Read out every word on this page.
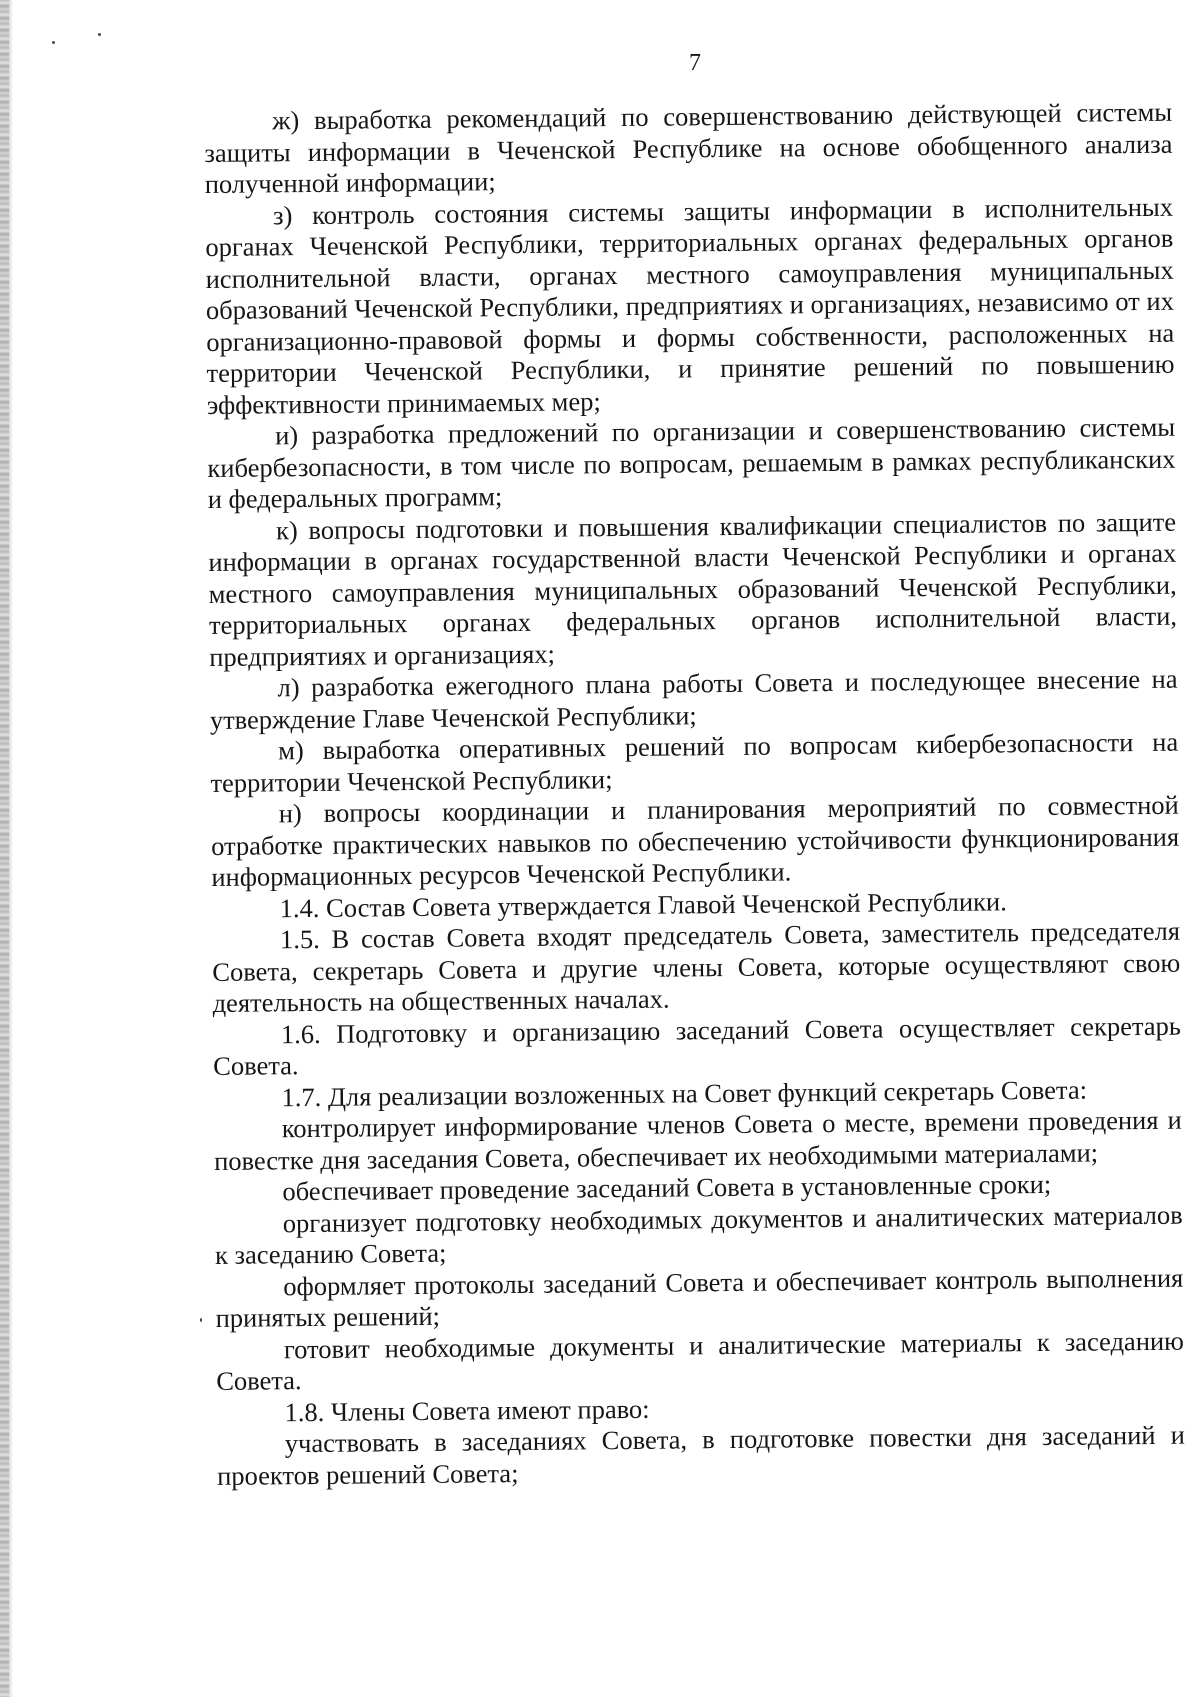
7

ж) выработка рекомендаций по совершенствованию действующей системы защиты информации в Чеченской Республике на основе обобщенного анализа полученной информации;

з) контроль состояния системы защиты информации в исполнительных органах Чеченской Республики, территориальных органах федеральных органов исполнительной власти, органах местного самоуправления муниципальных образований Чеченской Республики, предприятиях и организациях, независимо от их организационно-правовой формы и формы собственности, расположенных на территории Чеченской Республики, и принятие решений по повышению эффективности принимаемых мер;

и) разработка предложений по организации и совершенствованию системы кибербезопасности, в том числе по вопросам, решаемым в рамках республиканских и федеральных программ;

к) вопросы подготовки и повышения квалификации специалистов по защите информации в органах государственной власти Чеченской Республики и органах местного самоуправления муниципальных образований Чеченской Республики, территориальных органах федеральных органов исполнительной власти, предприятиях и организациях;

л) разработка ежегодного плана работы Совета и последующее внесение на утверждение Главе Чеченской Республики;

м) выработка оперативных решений по вопросам кибербезопасности на территории Чеченской Республики;

н) вопросы координации и планирования мероприятий по совместной отработке практических навыков по обеспечению устойчивости функционирования информационных ресурсов Чеченской Республики.

1.4. Состав Совета утверждается Главой Чеченской Республики.

1.5. В состав Совета входят председатель Совета, заместитель председателя Совета, секретарь Совета и другие члены Совета, которые осуществляют свою деятельность на общественных началах.

1.6. Подготовку и организацию заседаний Совета осуществляет секретарь Совета.

1.7. Для реализации возложенных на Совет функций секретарь Совета:

контролирует информирование членов Совета о месте, времени проведения и повестке дня заседания Совета, обеспечивает их необходимыми материалами;

обеспечивает проведение заседаний Совета в установленные сроки;

организует подготовку необходимых документов и аналитических материалов к заседанию Совета;

оформляет протоколы заседаний Совета и обеспечивает контроль выполнения принятых решений;

готовит необходимые документы и аналитические материалы к заседанию Совета.

1.8. Члены Совета имеют право:

участвовать в заседаниях Совета, в подготовке повестки дня заседаний и проектов решений Совета;
